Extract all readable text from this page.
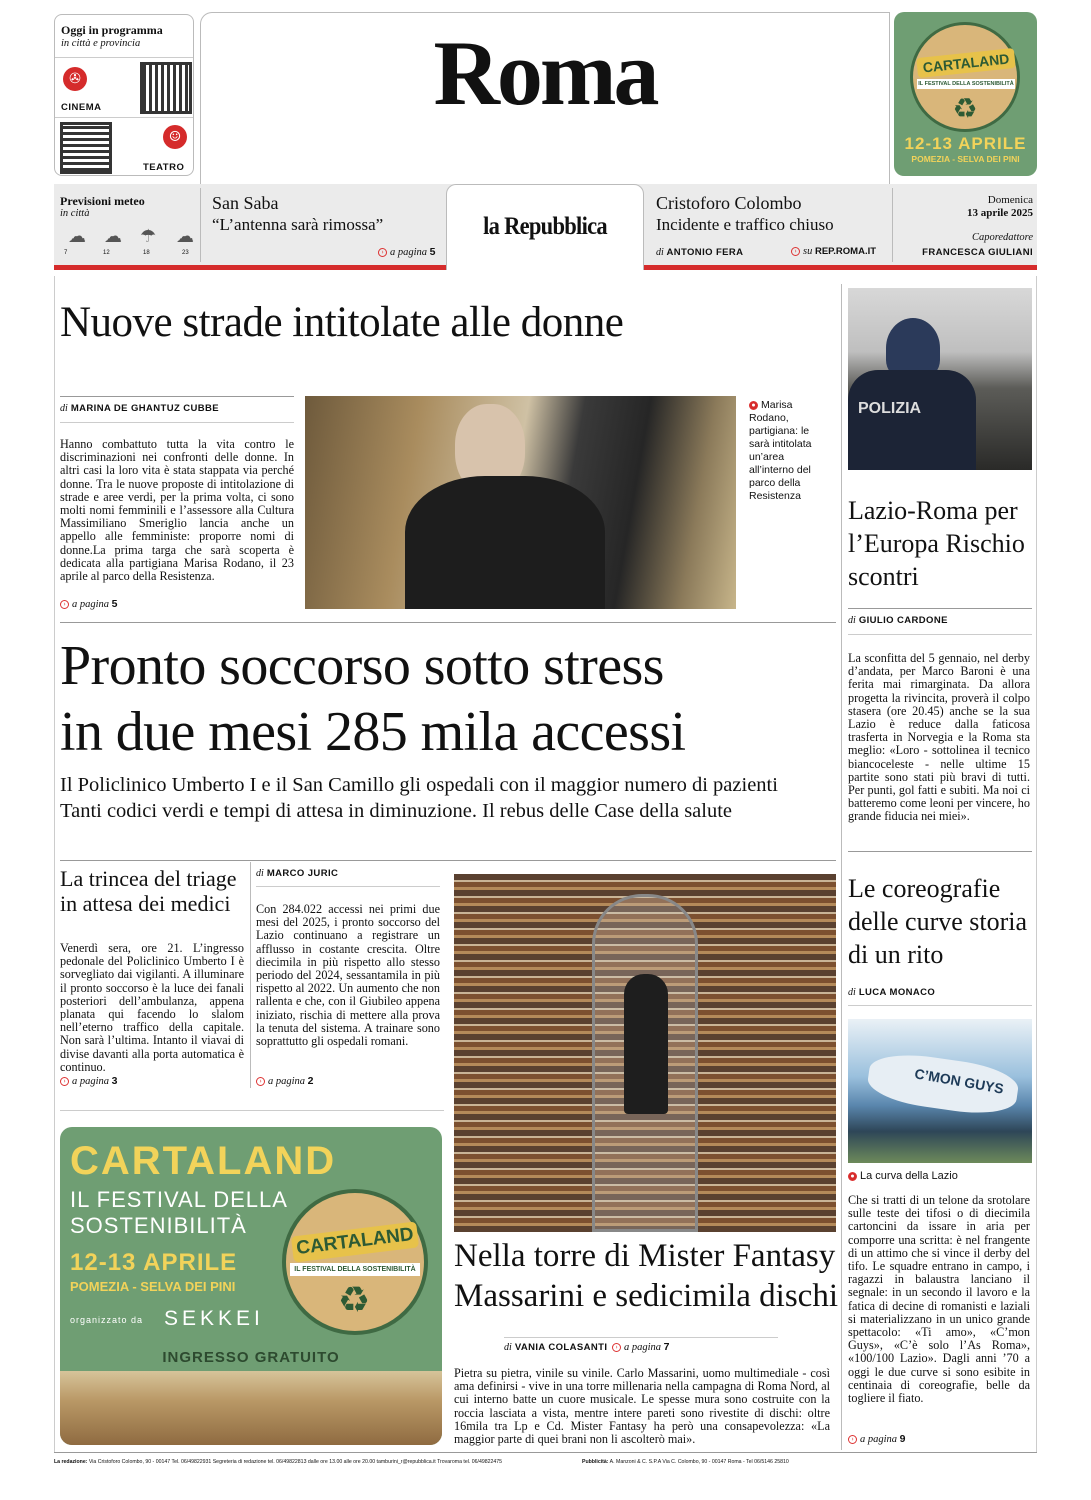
Oggi in programma
in città e provincia
✇
CINEMA
☺
TEATRO
Roma	CARTALAND
IL FESTIVAL DELLA SOSTENIBILITÀ
♻
12-13 APRILE
POMEZIA - SELVA DEI PINI
Previsioni meteo
in città
☁ ☁ ☂ ☁
7	12	18	23
San Saba
“L’antenna sarà rimossa”
› a pagina 5
la Repubblica
Cristoforo Colombo
Incidente e traffico chiuso
di ANTONIO FERA	› su REP.ROMA.IT
Domenica
13 aprile 2025
Caporedattore
FRANCESCA GIULIANI
Nuove strade intitolate alle donne
di MARINA DE GHANTUZ CUBBE
Hanno combattuto tutta la vita contro le discriminazioni nei confronti delle donne. In altri casi la loro vita è stata stappata via perché donne. Tra le nuove proposte di intitolazione di strade e aree verdi, per la prima volta, ci sono molti nomi femminili e l’assessore alla Cultura Massimiliano Smeriglio lancia anche un appello alle femministe: proporre nomi di donne.La prima targa che sarà scoperta è dedicata alla partigiana Marisa Rodano, il 23 aprile al parco della Resistenza.
› a pagina 5
● Marisa Rodano, partigiana: le sarà intitolata un’area all’interno del parco della Resistenza
Pronto soccorso sotto stress
in due mesi 285 mila accessi
Il Policlinico Umberto I e il San Camillo gli ospedali con il maggior numero di pazienti
Tanti codici verdi e tempi di attesa in diminuzione. Il rebus delle Case della salute
La trincea del triage in attesa dei medici
Venerdì sera, ore 21. L’ingresso pedonale del Policlinico Umberto I è sorvegliato dai vigilanti. A illuminare il pronto soccorso è la luce dei fanali posteriori dell’ambulanza, appena planata qui facendo lo slalom nell’eterno traffico della capitale. Non sarà l’ultima. Intanto il viavai di divise davanti alla porta automatica è continuo.
› a pagina 3
di MARCO JURIC
Con 284.022 accessi nei primi due mesi del 2025, i pronto soccorso del Lazio continuano a registrare un afflusso in costante crescita. Oltre diecimila in più rispetto allo stesso periodo del 2024, sessantamila in più rispetto al 2022. Un aumento che non rallenta e che, con il Giubileo appena iniziato, rischia di mettere alla prova la tenuta del sistema. A trainare sono soprattutto gli ospedali romani.
› a pagina 2
CARTALAND
IL FESTIVAL DELLA
SOSTENIBILITÀ
12-13 APRILE
POMEZIA - SELVA DEI PINI
organizzato da SEKKEI
CARTALAND
IL FESTIVAL DELLA SOSTENIBILITÀ
♻
INGRESSO GRATUITO
Nella torre di Mister Fantasy
Massarini e sedicimila dischi
di VANIA COLASANTI	› a pagina 7
Pietra su pietra, vinile su vinile. Carlo Massarini, uomo multimediale - così ama definirsi - vive in una torre millenaria nella campagna di Roma Nord, al cui interno batte un cuore musicale. Le spesse mura sono costruite con la roccia lasciata a vista, mentre intere pareti sono rivestite di dischi: oltre 16mila tra Lp e Cd. Mister Fantasy ha però una consapevolezza: «La maggior parte di quei brani non li ascolterò mai».
POLIZIA
Lazio-Roma per l’Europa Rischio scontri
di GIULIO CARDONE
La sconfitta del 5 gennaio, nel derby d’andata, per Marco Baroni è una ferita mai rimarginata. Da allora progetta la rivincita, proverà il colpo stasera (ore 20.45) anche se la sua Lazio è reduce dalla faticosa trasferta in Norvegia e la Roma sta meglio: «Loro - sottolinea il tecnico biancoceleste - nelle ultime 15 partite sono stati più bravi di tutti. Per punti, gol fatti e subiti. Ma noi ci batteremo come leoni per vincere, ho grande fiducia nei miei».
Le coreografie delle curve storia di un rito
di LUCA MONACO
C’MON GUYS
● La curva della Lazio
Che si tratti di un telone da srotolare sulle teste dei tifosi o di diecimila cartoncini da issare in aria per comporre una scritta: è nel frangente di un attimo che si vince il derby del tifo. Le squadre entrano in campo, i ragazzi in balaustra lanciano il segnale: in un secondo il lavoro e la fatica di decine di romanisti e laziali si materializzano in un unico grande spettacolo: «Ti amo», «C’mon Guys», «C’è solo l’As Roma», «100/100 Lazio». Dagli anni ’70 a oggi le due curve si sono esibite in centinaia di coreografie, belle da togliere il fiato.
› a pagina 9
La redazione: Via Cristoforo Colombo, 90 - 00147 Tel. 06/49822931 Segreteria di redazione tel. 06/49822813 dalle ore 13.00 alle ore 20.00 tamburini_r@repubblica.it Trovaroma tel. 06/49822475	Pubblicità: A. Manzoni & C. S.P.A Via C. Colombo, 90 - 00147 Roma - Tel 06/5146 25810
